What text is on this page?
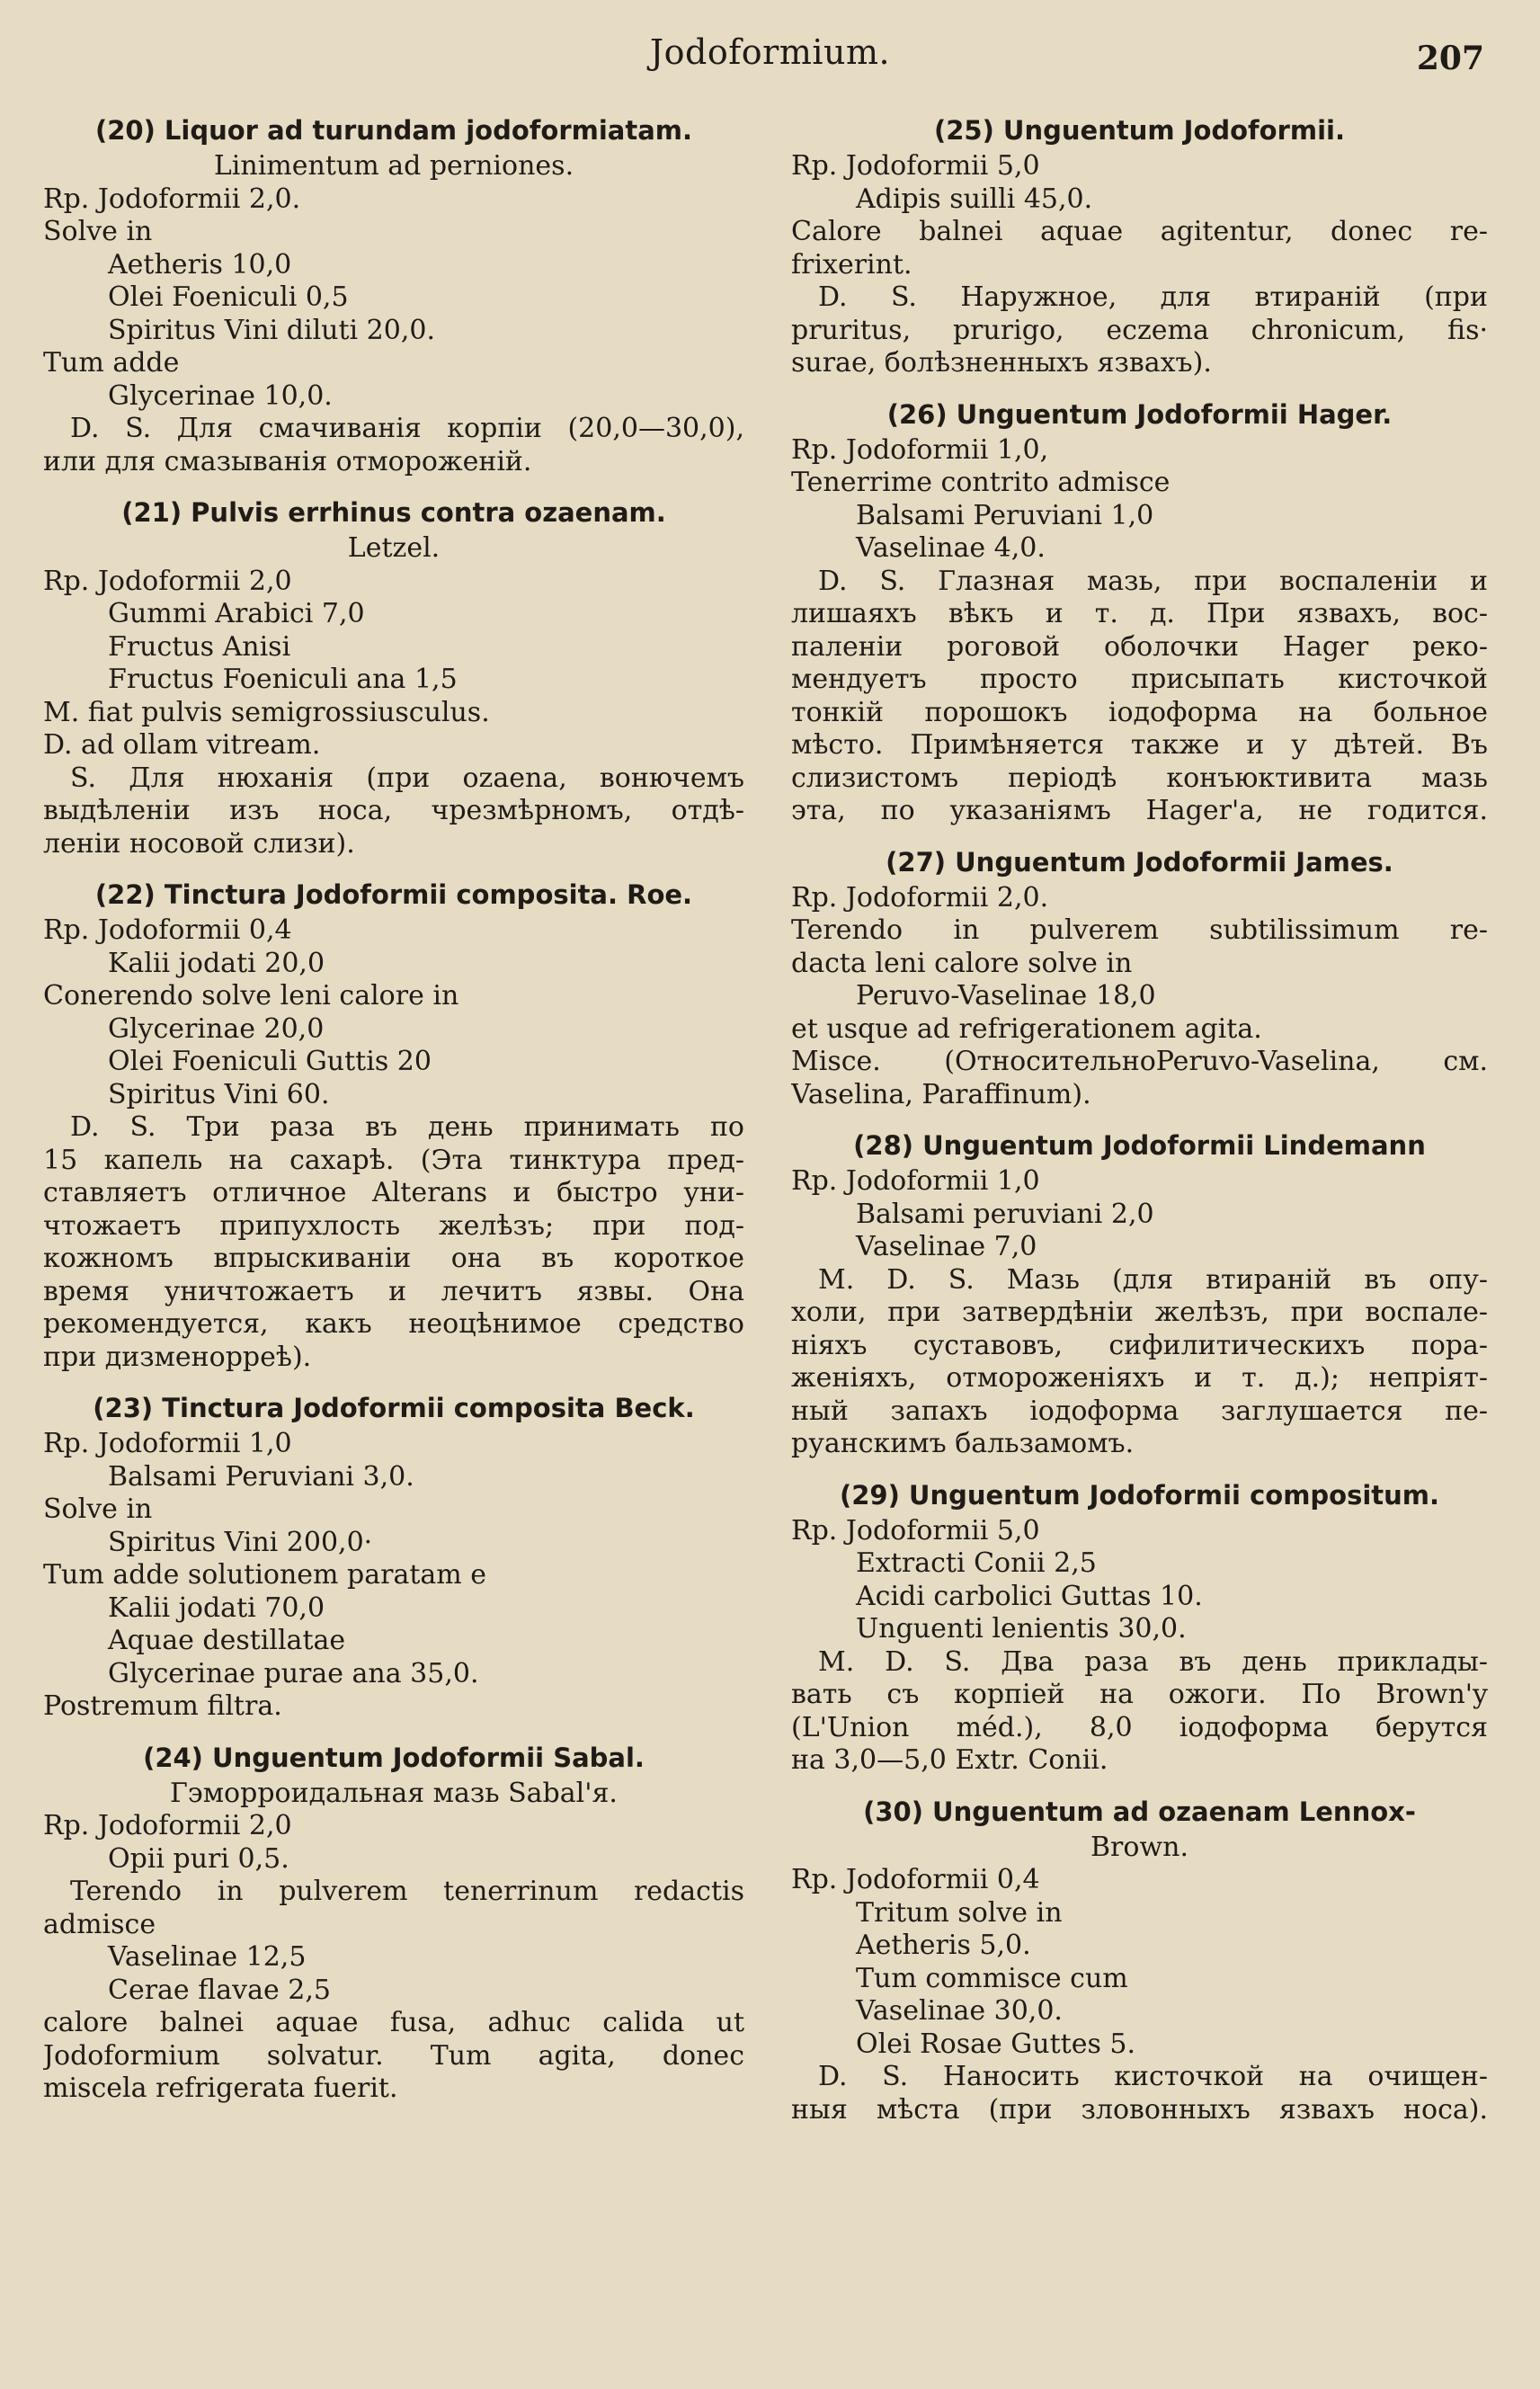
Jodoformium.	207
(20) Liquor ad turundam jodoformiatam.
Linimentum ad perniones.
Rp. Jodoformii 2,0.
Solve in
Aetheris 10,0
Olei Foeniculi 0,5
Spiritus Vini diluti 20,0.
Tum adde
Glycerinae 10,0.
D. S. Для смачиванія корпіи (20,0—30,0),
или для смазыванія отмороженій.
(21) Pulvis errhinus contra ozaenam.
Letzel.
Rp. Jodoformii 2,0
Gummi Arabici 7,0
Fructus Anisi
Fructus Foeniculi ana 1,5
M. fiat pulvis semigrossiusculus.
D. ad ollam vitream.
S. Для нюханія (при ozaena, вонючемъ
выдѣленіи изъ носа, чрезмѣрномъ, отдѣ-
леніи носовой слизи).
(22) Tinctura Jodoformii composita. Roe.
Rp. Jodoformii 0,4
Kalii jodati 20,0
Conerendo solve leni calore in
Glycerinae 20,0
Olei Foeniculi Guttis 20
Spiritus Vini 60.
D. S. Три раза въ день принимать по
15 капель на сахарѣ. (Эта тинктура пред-
ставляетъ отличное Alterans и быстро уни-
чтожаетъ припухлость желѣзъ; при под-
кожномъ впрыскиваніи она въ короткое
время уничтожаетъ и лечитъ язвы. Она
рекомендуется, какъ неоцѣнимое средство
при дизменорреѣ).
(23) Tinctura Jodoformii composita Beck.
Rp. Jodoformii 1,0
Balsami Peruviani 3,0.
Solve in
Spiritus Vini 200,0·
Tum adde solutionem paratam e
Kalii jodati 70,0
Aquae destillatae
Glycerinae purae ana 35,0.
Postremum filtra.
(24) Unguentum Jodoformii Sabal.
Гэморроидальная мазь Sabal'я.
Rp. Jodoformii 2,0
Opii puri 0,5.
Terendo in pulverem tenerrinum redactis
admisce
Vaselinae 12,5
Cerae flavae 2,5
calore balnei aquae fusa, adhuc calida ut
Jodoformium solvatur. Tum agita, donec
miscela refrigerata fuerit.
(25) Unguentum Jodoformii.
Rp. Jodoformii 5,0
Adipis suilli 45,0.
Calore balnei aquae agitentur, donec re-
frixerint.
D. S. Наружное, для втираній (при
pruritus, prurigo, eczema chronicum, fis·
surae, болѣзненныхъ язвахъ).
(26) Unguentum Jodoformii Hager.
Rp. Jodoformii 1,0,
Tenerrime contrito admisce
Balsami Peruviani 1,0
Vaselinae 4,0.
D. S. Глазная мазь, при воспаленіи и
лишаяхъ вѣкъ и т. д. При язвахъ, вос-
паленіи роговой оболочки Hager реко-
мендуетъ просто присыпать кисточкой
тонкій порошокъ іодоформа на больное
мѣсто. Примѣняется также и у дѣтей. Въ
слизистомъ періодѣ конъюктивита мазь
эта, по указаніямъ Hager'a, не годится.
(27) Unguentum Jodoformii James.
Rp. Jodoformii 2,0.
Terendo in pulverem subtilissimum re-
dacta leni calore solve in
Peruvo-Vaselinae 18,0
et usque ad refrigerationem agita.
Misce. (ОтносительноPeruvo-Vaselina, см.
Vaselina, Paraffinum).
(28) Unguentum Jodoformii Lindemann
Rp. Jodoformii 1,0
Balsami peruviani 2,0
Vaselinae 7,0
M. D. S. Мазь (для втираній въ опу-
холи, при затвердѣніи желѣзъ, при воспале-
ніяхъ суставовъ, сифилитическихъ пора-
женіяхъ, отмороженіяхъ и т. д.); непріят-
ный запахъ іодоформа заглушается пе-
руанскимъ бальзамомъ.
(29) Unguentum Jodoformii compositum.
Rp. Jodoformii 5,0
Extracti Conii 2,5
Acidi carbolici Guttas 10.
Unguenti lenientis 30,0.
M. D. S. Два раза въ день приклады-
вать съ корпіей на ожоги. По Brown'y
(L'Union méd.), 8,0 іодоформа берутся
на 3,0—5,0 Extr. Conii.
(30) Unguentum ad ozaenam Lennox-
Brown.
Rp. Jodoformii 0,4
Tritum solve in
Aetheris 5,0.
Tum commisce cum
Vaselinae 30,0.
Olei Rosae Guttes 5.
D. S. Наносить кисточкой на очищен-
ныя мѣста (при зловонныхъ язвахъ носа).
